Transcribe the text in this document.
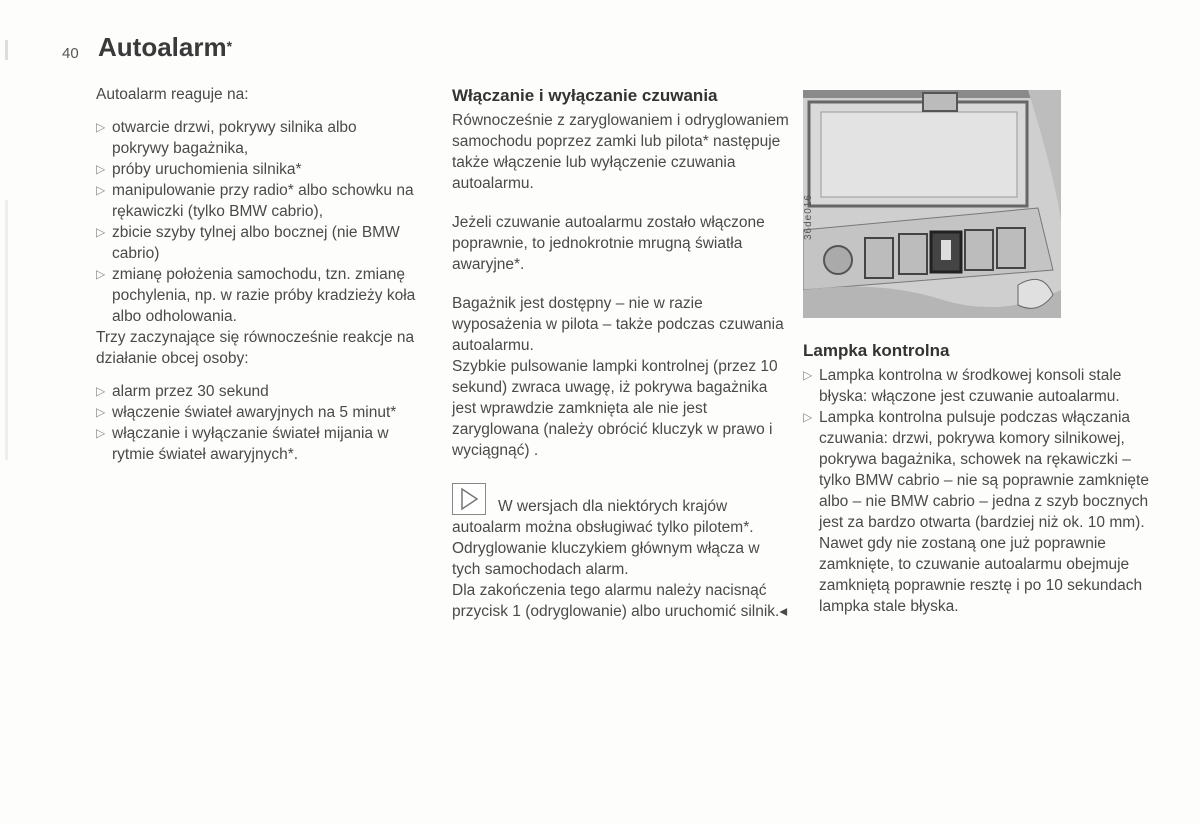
40 Autoalarm*

Autoalarm reaguje na:

▷ otwarcie drzwi, pokrywy silnika albo pokrywy bagażnika,
▷ próby uruchomienia silnika*
▷ manipulowanie przy radio* albo schowku na rękawiczki (tylko BMW cabrio),
▷ zbicie szyby tylnej albo bocznej (nie BMW cabrio)
▷ zmianę położenia samochodu, tzn. zmianę pochylenia, np. w razie próby kradzieży koła albo odholowania.

Trzy zaczynające się równocześnie reakcje na działanie obcej osoby:

▷ alarm przez 30 sekund
▷ włączenie świateł awaryjnych na 5 minut*
▷ włączanie i wyłączanie świateł mijania w rytmie świateł awaryjnych*.
Włączanie i wyłączanie czuwania

Równocześnie z zaryglowaniem i odryglowaniem samochodu poprzez zamki lub pilota* następuje także włączenie lub wyłączenie czuwania autoalarmu.

Jeżeli czuwanie autoalarmu zostało włączone poprawnie, to jednokrotnie mrugną światła awaryjne*.

Bagażnik jest dostępny – nie w razie wyposażenia w pilota – także podczas czuwania autoalarmu.

Szybkie pulsowanie lampki kontrolnej (przez 10 sekund) zwraca uwagę, iż pokrywa bagażnika jest wprawdzie zamknięta ale nie jest zaryglowana (należy obrócić kluczyk w prawo i wyciągnąć) .

W wersjach dla niektórych krajów autoalarm można obsługiwać tylko pilotem*. Odryglowanie kluczykiem głównym włącza w tych samochodach alarm.

Dla zakończenia tego alarmu należy nacisnąć przycisk 1 (odryglowanie) albo uruchomić silnik.◂

36de016
Lampka kontrolna
▷ Lampka kontrolna w środkowej konsoli stale błyska: włączone jest czuwanie autoalarmu.
▷ Lampka kontrolna pulsuje podczas włączania czuwania: drzwi, pokrywa komory silnikowej, pokrywa bagażnika, schowek na rękawiczki – tylko BMW cabrio – nie są poprawnie zamknięte albo – nie BMW cabrio – jedna z szyb bocznych jest za bardzo otwarta (bardziej niż ok. 10 mm). Nawet gdy nie zostaną one już poprawnie zamknięte, to czuwanie autoalarmu obejmuje zamkniętą poprawnie resztę i po 10 sekundach lampka stale błyska.
